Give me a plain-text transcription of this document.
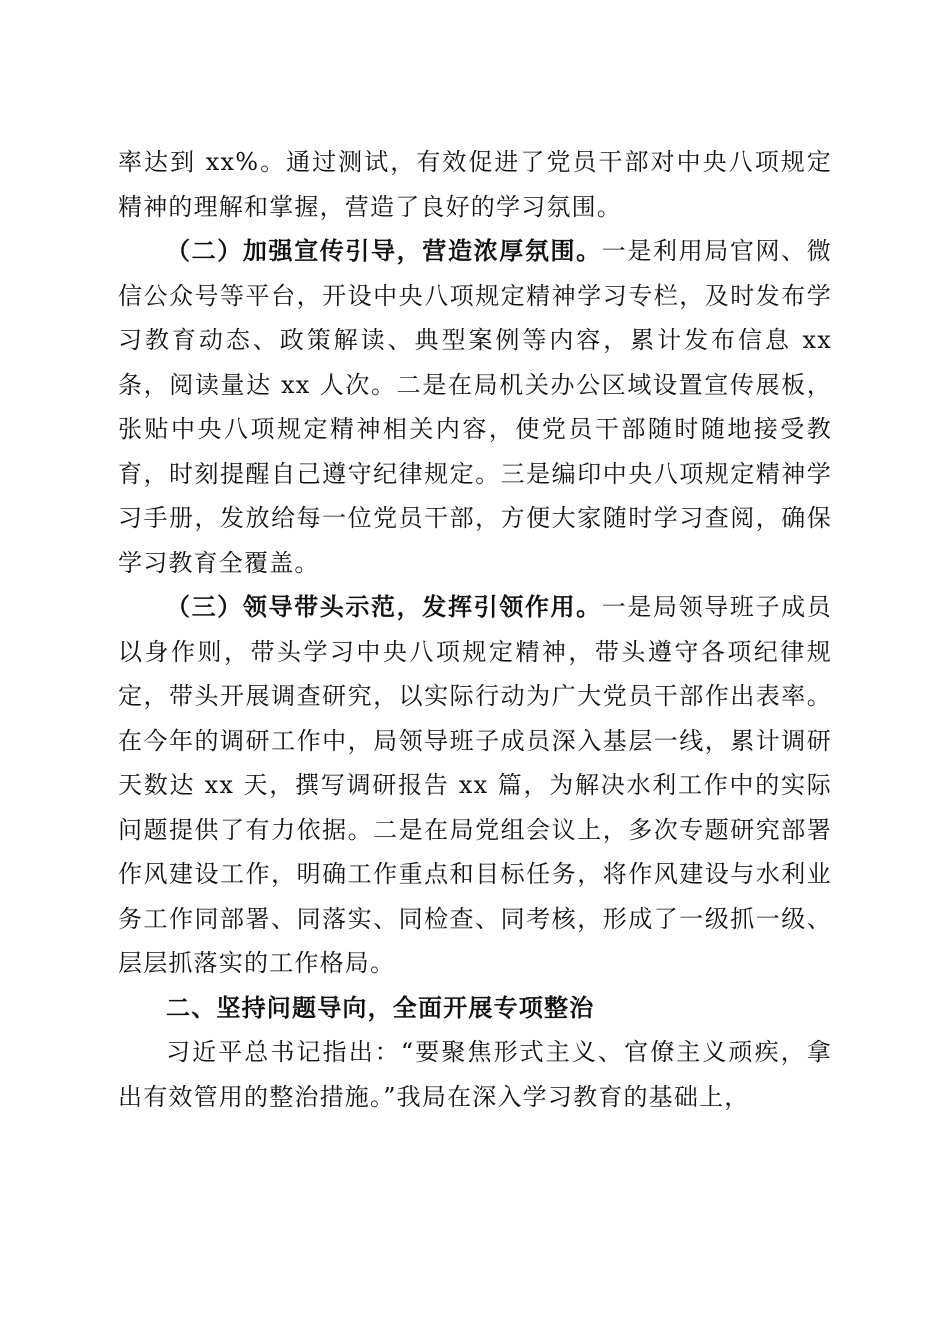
率达到 xx%。通过测试，有效促进了党员干部对中央八项规定精神的理解和掌握，营造了良好的学习氛围。

（二）加强宣传引导，营造浓厚氛围。一是利用局官网、微信公众号等平台，开设中央八项规定精神学习专栏，及时发布学习教育动态、政策解读、典型案例等内容，累计发布信息 xx 条，阅读量达 xx 人次。二是在局机关办公区域设置宣传展板，张贴中央八项规定精神相关内容，使党员干部随时随地接受教育，时刻提醒自己遵守纪律规定。三是编印中央八项规定精神学习手册，发放给每一位党员干部，方便大家随时学习查阅，确保学习教育全覆盖。

（三）领导带头示范，发挥引领作用。一是局领导班子成员以身作则，带头学习中央八项规定精神，带头遵守各项纪律规定，带头开展调查研究，以实际行动为广大党员干部作出表率。在今年的调研工作中，局领导班子成员深入基层一线，累计调研天数达 xx 天，撰写调研报告 xx 篇，为解决水利工作中的实际问题提供了有力依据。二是在局党组会议上，多次专题研究部署作风建设工作，明确工作重点和目标任务，将作风建设与水利业务工作同部署、同落实、同检查、同考核，形成了一级抓一级、层层抓落实的工作格局。

二、坚持问题导向，全面开展专项整治

习近平总书记指出：“要聚焦形式主义、官僚主义顽疾，拿出有效管用的整治措施。”我局在深入学习教育的基础上，
